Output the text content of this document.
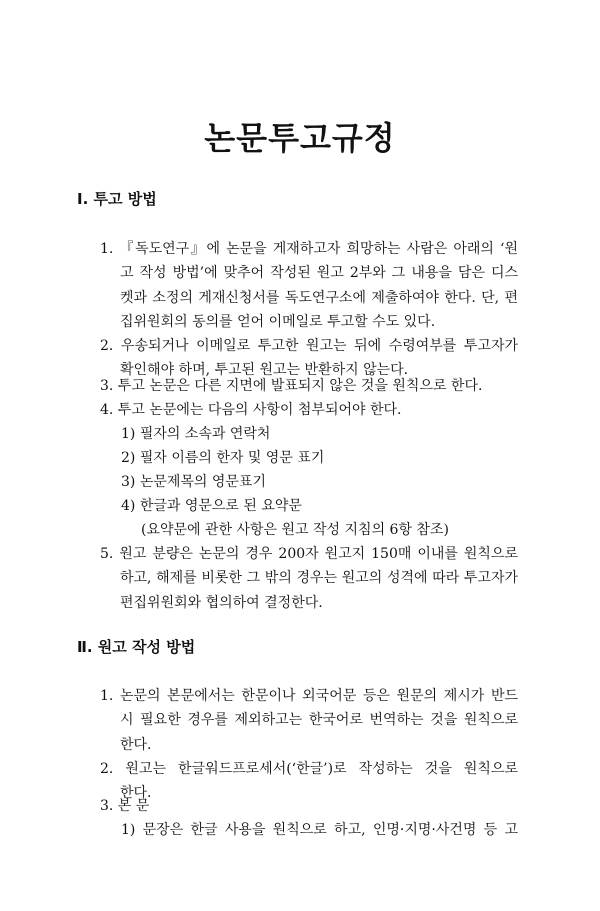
논문투고규정
Ⅰ. 투고 방법
1. 『독도연구』에 논문을 게재하고자 희망하는 사람은 아래의 ‘원
고 작성 방법’에 맞추어 작성된 원고 2부와 그 내용을 담은 디스
켓과 소정의 게재신청서를 독도연구소에 제출하여야 한다. 단, 편
집위원회의 동의를 얻어 이메일로 투고할 수도 있다.
2. 우송되거나 이메일로 투고한 원고는 뒤에 수령여부를 투고자가
확인해야 하며, 투고된 원고는 반환하지 않는다.
3. 투고 논문은 다른 지면에 발표되지 않은 것을 원칙으로 한다.
4. 투고 논문에는 다음의 사항이 첨부되어야 한다.
1) 필자의 소속과 연락처
2) 필자 이름의 한자 및 영문 표기
3) 논문제목의 영문표기
4) 한글과 영문으로 된 요약문
(요약문에 관한 사항은 원고 작성 지침의 6항 참조)
5. 원고 분량은 논문의 경우 200자 원고지 150매 이내를 원칙으로
하고, 해제를 비롯한 그 밖의 경우는 원고의 성격에 따라 투고자가
편집위원회와 협의하여 결정한다.
Ⅱ. 원고 작성 방법
1. 논문의 본문에서는 한문이나 외국어문 등은 원문의 제시가 반드
시 필요한 경우를 제외하고는 한국어로 번역하는 것을 원칙으로
한다.
2. 원고는 한글워드프로세서(‘한글’)로 작성하는 것을 원칙으로
한다.
3. 본 문
1) 문장은 한글 사용을 원칙으로 하고, 인명·지명·사건명 등 고
